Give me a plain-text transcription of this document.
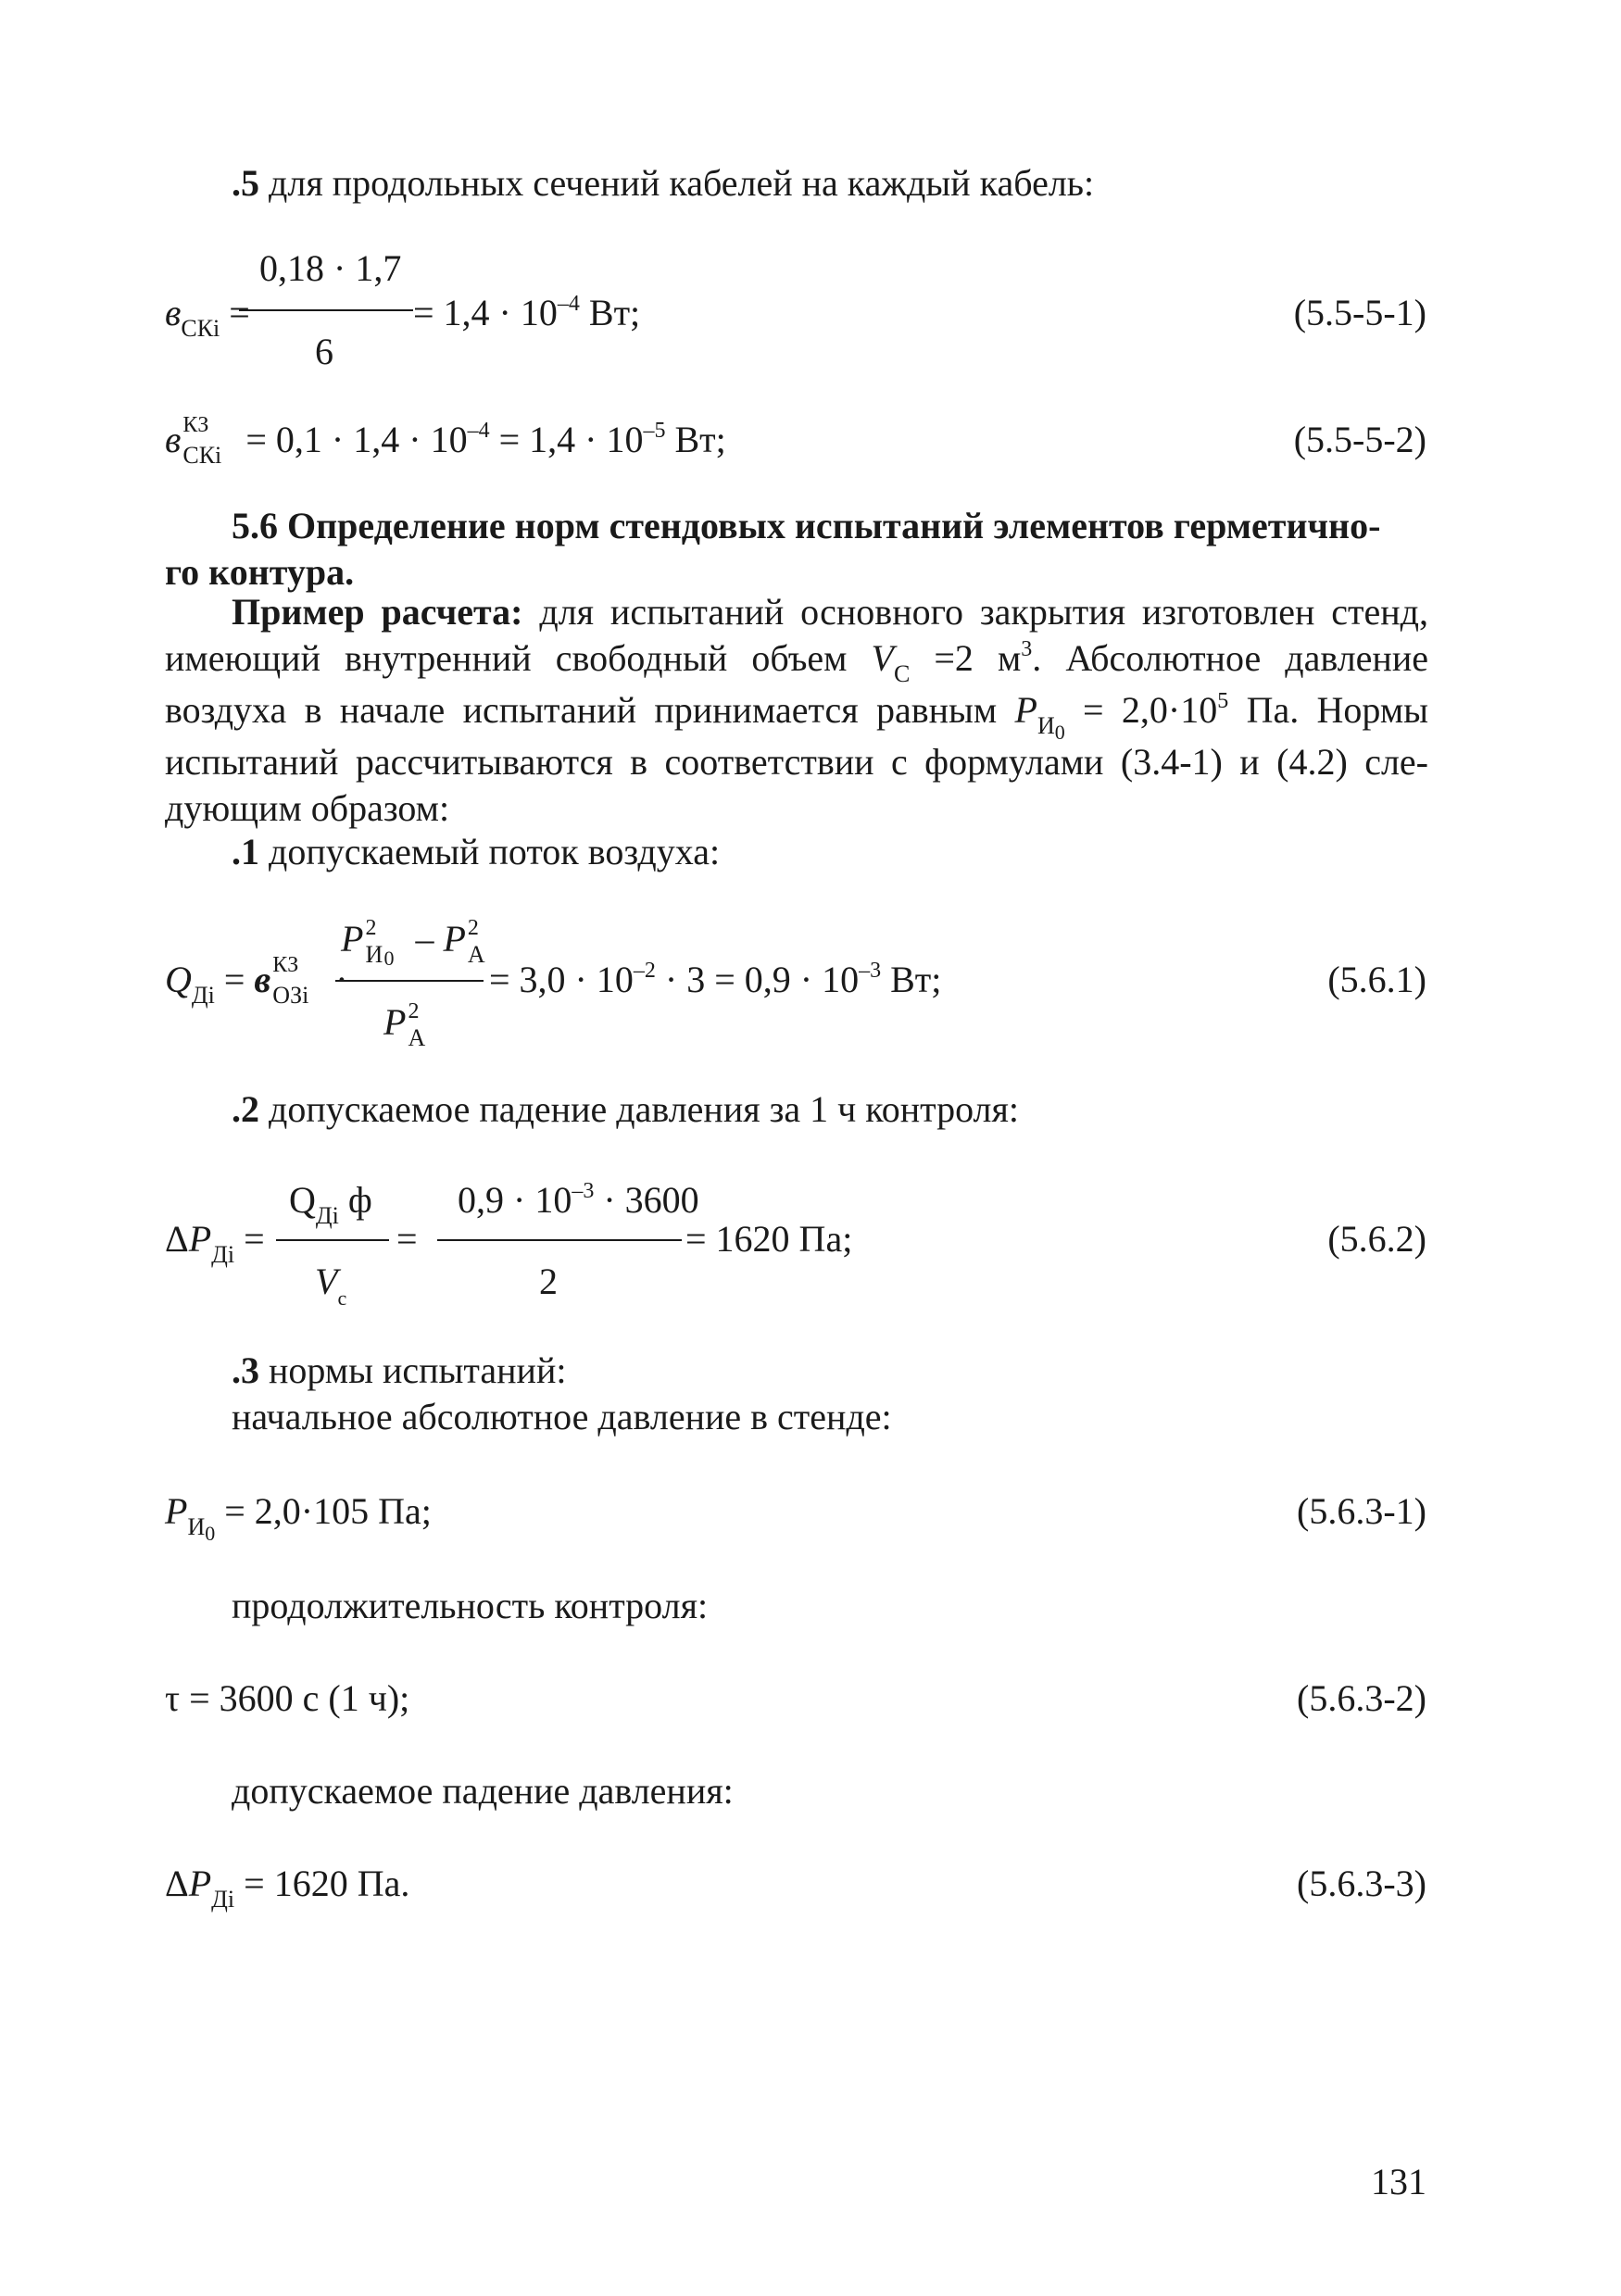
.5 для продольных сечений кабелей на каждый кабель:
0,18 · 1,7
6
$в_{СКi}$ =	= $1,4 \cdot 10^{-4}$ Вт;	(5.5-5-1)
в КЗ
СКi = $0,1 \cdot 1,4 \cdot 10^{-4} = 1,4 \cdot 10^{-5}$ Вт;	(5.5-5-2)
5.6 Определение норм стендовых испытаний элементов герметично-
го контура.
Пример расчета: для испытаний основного закрытия изготовлен стенд, имеющий внутренний свободный объем $V_С =2$ $м^3$. Абсолютное давление воздуха в начале испытаний принимается равным $P_{И0} = 2,0\cdot 10^5$ Па. Нормы испытаний рассчитываются в соответствии с формулами (3.4-1) и (4.2) следующим образом:
.1 допускаемый поток воздуха:
$Q_{Дi} = в$ КЗ
ОЗi ·
P 2
И 0 – P 2
А
P 2
А
= $3,0 \cdot 10^{-2} \cdot 3 = 0,9 \cdot 10^{-3}$ Вт;	(5.6.1)
.2 допускаемое падение давления за 1 ч контроля:
$\Delta P_{Дi}$ =
$Q_{Дi}$ ф
$V_с$
=
$0,9 \cdot 10^{-3} \cdot 3600$
2
= 1620 Па;	(5.6.2)
.3 нормы испытаний:
начальное абсолютное давление в стенде:
$P_{И0} = 2,0\cdot 105$ Па;	(5.6.3-1)
продолжительность контроля:
τ = 3600 с (1 ч);	(5.6.3-2)
допускаемое падение давления:
$\Delta P_{Дi} = 1620$ Па.	(5.6.3-3)
131
